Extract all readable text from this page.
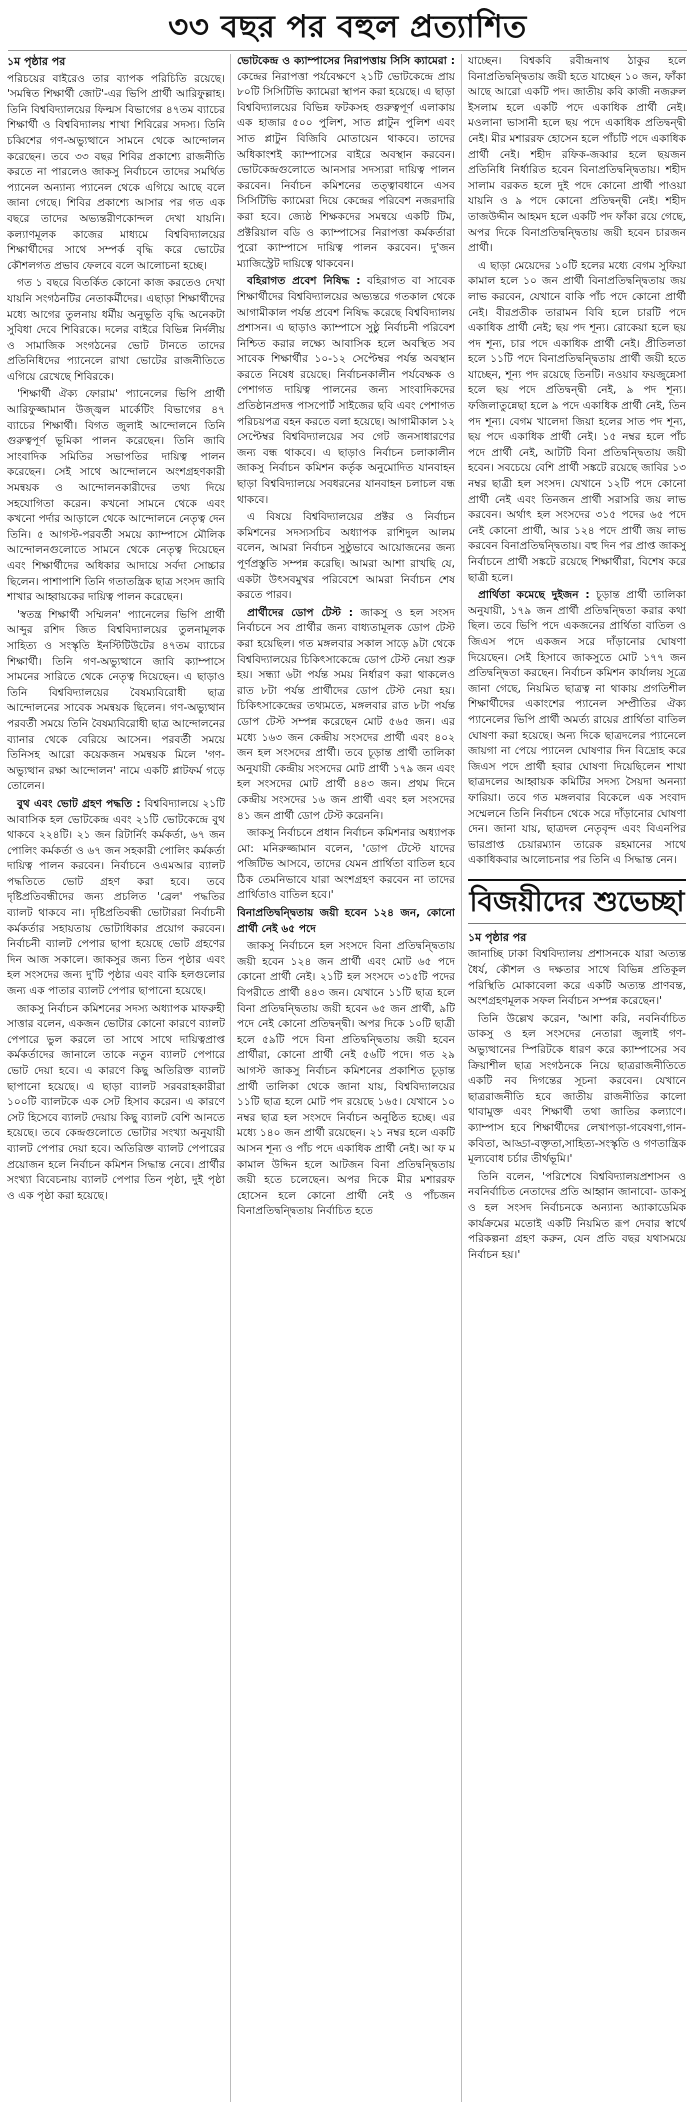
৩৩ বছর পর বহুল প্রত্যাশিত
১ম পৃষ্ঠার পর

পরিচয়ের বাইরেও তার ব্যাপক পরিচিতি রয়েছে। 'সমন্বিত শিক্ষার্থী জোট'-এর ভিপি প্রার্থী আরিফুল্লাহ। তিনি বিশ্ববিদ্যালয়ের ফিল্মস বিভাগের ৪৭তম ব্যাচের শিক্ষার্থী ও বিশ্ববিদ্যালয় শাখা শিবিরের সদস্য। তিনি চব্বিশের গণ-অভ্যুত্থানে সামনে থেকে আন্দোলন করেছেন। তবে ৩৩ বছর শিবির প্রকাশ্যে রাজনীতি করতে না পারলেও জাকসু নির্বাচনে তাদের সমর্থিত প্যানেল অন্যান্য প্যানেল থেকে এগিয়ে আছে বলে জানা গেছে। শিবির প্রকাশ্যে আসার পর গত এক বছরে তাদের অভ্যন্তরীণকোন্দল দেখা যায়নি। কল্যাণমূলক কাজের মাধ্যমে বিশ্ববিদ্যালয়ের শিক্ষার্থীদের সাথে সম্পর্ক বৃদ্ধি করে ভোটের কৌশলগত প্রভাব ফেলবে বলে আলোচনা হচ্ছে।

গত ১ বছরে বিতর্কিত কোনো কাজ করতেও দেখা যায়নি সংগঠনটির নেতাকর্মীদের। এছাড়া শিক্ষার্থীদের মধ্যে আগের তুলনায় ধর্মীয় অনুভূতি বৃদ্ধি অনেকটা সুবিধা দেবে শিবিরকে। দলের বাইরে বিভিন্ন নির্দলীয় ও সামাজিক সংগঠনের ভোট টানতে তাদের প্রতিনিধিদের প্যানেলে রাখা ভোটের রাজনীতিতে এগিয়ে রেখেছে শিবিরকে।

'শিক্ষার্থী ঐক্য ফোরাম' প্যানেলের ভিপি প্রার্থী আরিফুজ্জামান উজ্জ্বল মার্কেটিং বিভাগের ৪৭ ব্যাচের শিক্ষার্থী। বিগত জুলাই আন্দোলনে তিনি গুরুত্বপূর্ণ ভূমিকা পালন করেছেন। তিনি জাবি সাংবাদিক সমিতির সভাপতির দায়িত্ব পালন করেছেন। সেই সাথে আন্দোলনে অংশগ্রহণকারী সমন্বয়ক ও আন্দোলনকারীদের তথ্য দিয়ে সহযোগিতা করেন। কখনো সামনে থেকে এবং কখনো পর্দার আড়ালে থেকে আন্দোলনে নেতৃত্ব দেন তিনি। ৫ আগস্ট-পরবর্তী সময়ে ক্যাম্পাসে মৌলিক আন্দোলনগুলোতে সামনে থেকে নেতৃত্ব দিয়েছেন এবং শিক্ষার্থীদের অধিকার আদায়ে সর্বদা সোচ্চার ছিলেন। পাশাপাশি তিনি গতাতন্ত্রিক ছাত্র সংসদ জাবি শাখার আহ্বায়কের দায়িত্ব পালন করেছেন।

'স্বতন্ত্র শিক্ষার্থী সম্মিলন' প্যানেলের ভিপি প্রার্থী আব্দুর রশিদ জিত বিশ্ববিদ্যালয়ের তুলনামূলক সাহিত্য ও সংস্কৃতি ইনস্টিটিউটের ৪৭তম ব্যাচের শিক্ষার্থী। তিনি গণ-অভ্যুত্থানে জাবি ক্যাম্পাসে সামনের সারিতে থেকে নেতৃত্ব দিয়েছেন। এ ছাড়াও তিনি বিশ্ববিদ্যালয়ের বৈষম্যবিরোধী ছাত্র আন্দোলনের সাবেক সমন্বয়ক ছিলেন। গণ-অভ্যুত্থান পরবর্তী সময়ে তিনি বৈষম্যবিরোধী ছাত্র আন্দোলনের ব্যানার থেকে বেরিয়ে আসেন। পরবর্তী সময়ে তিনিসহ আরো কয়েকজন সমন্বয়ক মিলে 'গণ-অভ্যুত্থান রক্ষা আন্দোলন' নামে একটি প্লাটফর্ম গড়ে তোলেন।

বুথ এবং ভোট গ্রহণ পদ্ধতি : বিশ্ববিদ্যালয়ে ২১টি আবাসিক হল ভোটকেন্দ্র এবং ২১টি ভোটকেন্দ্রে বুথ থাকবে ২২৪টি। ২১ জন রিটার্নিং কর্মকর্তা, ৬৭ জন পোলিং কর্মকর্তা ও ৬৭ জন সহকারী পোলিং কর্মকর্তা দায়িত্ব পালন করবেন। নির্বাচনে ওএমআর ব্যালট পদ্ধতিতে ভোট গ্রহণ করা হবে। তবে দৃষ্টিপ্রতিবন্ধীদের জন্য প্রচলিত 'ব্রেল' পদ্ধতির ব্যালট থাকবে না। দৃষ্টিপ্রতিবন্ধী ভোটাররা নির্বাচনী কর্মকর্তার সহায়তায় ভোটাধিকার প্রয়োগ করবেন। নির্বাচনী ব্যালট পেপার ছাপা হয়েছে ভোট গ্রহণের দিন আজ সকালে। জাকসুর জন্য তিন পৃষ্ঠার এবং হল সংসদের জন্য দু'টি পৃষ্ঠার এবং বাকি হলগুলোর জন্য এক পাতার ব্যালট পেপার ছাপানো হয়েছে।

জাকসু নির্বাচন কমিশনের সদস্য অধ্যাপক মাফরুহী সাত্তার বলেন, একজন ভোটার কোনো কারণে ব্যালট পেপারে ভুল করলে তা সাথে সাথে দায়িত্বপ্রাপ্ত কর্মকর্তাদের জানালে তাকে নতুন ব্যালট পেপারে ভোট দেয়া হবে। এ কারণে কিছু অতিরিক্ত ব্যালট ছাপানো হয়েছে। এ ছাড়া ব্যালট সরবরাহকারীরা ১০০টি ব্যালটকে এক সেট হিসাব করেন। এ কারণে সেট হিসেবে ব্যালট দেয়ায় কিছু ব্যালট বেশি আনতে হয়েছে। তবে কেন্দ্রগুলোতে ভোটার সংখ্যা অনুযায়ী ব্যালট পেপার দেয়া হবে। অতিরিক্ত ব্যালট পেপারের প্রয়োজন হলে নির্বাচন কমিশন সিদ্ধান্ত নেবে। প্রার্থীর সংখ্যা বিবেচনায় ব্যালট পেপার তিন পৃষ্ঠা, দুই পৃষ্ঠা ও এক পৃষ্ঠা করা হয়েছে।

ভোটকেন্দ্র ও ক্যাম্পাসের নিরাপত্তায় সিসি ক্যামেরা : কেন্দ্রের নিরাপত্তা পর্যবেক্ষণে ২১টি ভোটকেন্দ্রে প্রায় ৮০টি সিসিটিভি ক্যামেরা স্থাপন করা হয়েছে। এ ছাড়া বিশ্ববিদ্যালয়ের বিভিন্ন ফটকসহ গুরুত্বপূর্ণ এলাকায় এক হাজার ৫০০ পুলিশ, সাত প্লাটুন পুলিশ এবং সাত প্লাটুন বিজিবি মোতায়েন থাকবে। তাদের অধিকাংশই ক্যাম্পাসের বাইরে অবস্থান করবেন। ভোটকেন্দ্রগুলোতে আনসার সদস্যরা দায়িত্ব পালন করবেন। নির্বাচন কমিশনের তত্ত্বাবধানে এসব সিসিটিভি ক্যামেরা দিয়ে কেন্দ্রের পরিবেশ নজরদারি করা হবে। জ্যেষ্ঠ শিক্ষকদের সমন্বয়ে একটি টিম, প্রক্টরিয়াল বডি ও ক্যাম্পাসের নিরাপত্তা কর্মকর্তারা পুরো ক্যাম্পাসে দায়িত্ব পালন করবেন। দু'জন ম্যাজিস্ট্রেট দায়িত্বে থাকবেন।

বহিরাগত প্রবেশ নিষিদ্ধ : বহিরাগত বা সাবেক শিক্ষার্থীদের বিশ্ববিদ্যালয়ের অভ্যন্তরে গতকাল থেকে আগামীকাল পর্যন্ত প্রবেশ নিষিদ্ধ করেছে বিশ্ববিদ্যালয় প্রশাসন। এ ছাড়াও ক্যাম্পাসে সুষ্ঠু নির্বাচনী পরিবেশ নিশ্চিত করার লক্ষ্যে আবাসিক হলে অবস্থিত সব সাবেক শিক্ষার্থীর ১০-১২ সেপ্টেম্বর পর্যন্ত অবস্থান করতে নিষেধ রয়েছে। নির্বাচনকালীন পর্যবেক্ষক ও পেশাগত দায়িত্ব পালনের জন্য সাংবাদিকদের প্রতিষ্ঠানপ্রদত্ত পাসপোর্ট সাইজের ছবি এবং পেশাগত পরিচয়পত্র বহন করতে বলা হয়েছে। আগামীকাল ১২ সেপ্টেম্বর বিশ্ববিদ্যালয়ের সব গেট জনসাধারণের জন্য বন্ধ থাকবে। এ ছাড়াও নির্বাচন চলাকালীন জাকসু নির্বাচন কমিশন কর্তৃক অনুমোদিত যানবাহন ছাড়া বিশ্ববিদ্যালয়ে সবধরনের যানবাহন চলাচল বন্ধ থাকবে।

এ বিষয়ে বিশ্ববিদ্যালয়ের প্রক্টর ও নির্বাচন কমিশনের সদস্যসচিব অধ্যাপক রাশিদুল আলম বলেন, আমরা নির্বাচন সুষ্ঠুভাবে আয়োজনের জন্য পূর্ণপ্রস্তুতি সম্পন্ন করেছি। আমরা আশা রাখছি যে, একটা উৎসবমুখর পরিবেশে আমরা নির্বাচন শেষ করতে পারব।

প্রার্থীদের ডোপ টেস্ট : জাকসু ও হল সংসদ নির্বাচনে সব প্রার্থীর জন্য বাধ্যতামূলক ডোপ টেস্ট করা হয়েছিল। গত মঙ্গলবার সকাল সাড়ে ৯টা থেকে বিশ্ববিদ্যালয়ের চিকিৎসাকেন্দ্রে ডোপ টেস্ট নেয়া শুরু হয়। সন্ধ্যা ৬টা পর্যন্ত সময় নির্ধারণ করা থাকলেও রাত ৮টা পর্যন্ত প্রার্থীদের ডোপ টেস্ট নেয়া হয়। চিকিৎসাকেন্দ্রের তথ্যমতে, মঙ্গলবার রাত ৮টা পর্যন্ত ডোপ টেস্ট সম্পন্ন করেছেন মোট ৫৬৫ জন। এর মধ্যে ১৬৩ জন কেন্দ্রীয় সংসদের প্রার্থী এবং ৪০২ জন হল সংসদের প্রার্থী। তবে চূড়ান্ত প্রার্থী তালিকা অনুযায়ী কেন্দ্রীয় সংসদের মোট প্রার্থী ১৭৯ জন এবং হল সংসদের মোট প্রার্থী ৪৪৩ জন। প্রথম দিনে কেন্দ্রীয় সংসদের ১৬ জন প্রার্থী এবং হল সংসদের ৪১ জন প্রার্থী ডোপ টেস্ট করেননি।

জাকসু নির্বাচনে প্রধান নির্বাচন কমিশনার অধ্যাপক মো: মনিরুজ্জামান বলেন, 'ডোপ টেস্টে যাদের পজিটিভ আসবে, তাদের যেমন প্রার্থিতা বাতিল হবে ঠিক তেমনিভাবে যারা অংশগ্রহণ করবেন না তাদের প্রার্থিতাও বাতিল হবে।'

বিনাপ্রতিদ্বন্দ্বিতায় জয়ী হবেন ১২৪ জন, কোনো প্রার্থী নেই ৬৫ পদে

জাকসু নির্বাচনে হল সংসদে বিনা প্রতিদ্বন্দ্বিতায় জয়ী হবেন ১২৪ জন প্রার্থী এবং মোট ৬৫ পদে কোনো প্রার্থী নেই। ২১টি হল সংসদে ৩১৫টি পদের বিপরীতে প্রার্থী ৪৪৩ জন। যেখানে ১১টি ছাত্র হলে বিনা প্রতিদ্বন্দ্বিতায় জয়ী হবেন ৬৫ জন প্রার্থী, ৯টি পদে নেই কোনো প্রতিদ্বন্দ্বী। অপর দিকে ১০টি ছাত্রী হলে ৫৯টি পদে বিনা প্রতিদ্বন্দ্বিতায় জয়ী হবেন প্রার্থীরা, কোনো প্রার্থী নেই ৫৬টি পদে। গত ২৯ আগস্ট জাকসু নির্বাচন কমিশনের প্রকাশিত চূড়ান্ত প্রার্থী তালিকা থেকে জানা যায়, বিশ্ববিদ্যালয়ের ১১টি ছাত্র হলে মোট পদ রয়েছে ১৬৫। যেখানে ১০ নম্বর ছাত্র হল সংসদে নির্বাচন অনুষ্ঠিত হচ্ছে। এর মধ্যে ১৪০ জন প্রার্থী রয়েছেন। ২১ নম্বর হলে একটি আসন শূন্য ও পাঁচ পদে একাধিক প্রার্থী নেই। আ ফ ম কামাল উদ্দিন হলে আটজন বিনা প্রতিদ্বন্দ্বিতায় জয়ী হতে চলেছেন। অপর দিকে মীর মশাররফ হোসেন হলে কোনো প্রার্থী নেই ও পাঁচজন বিনাপ্রতিদ্বন্দ্বিতায় নির্বাচিত হতে

যাচ্ছেন। বিশ্বকবি রবীন্দ্রনাথ ঠাকুর হলে বিনাপ্রতিদ্বন্দ্বিতায় জয়ী হতে যাচ্ছেন ১০ জন, ফাঁকা আছে আরো একটি পদ। জাতীয় কবি কাজী নজরুল ইসলাম হলে একটি পদে একাধিক প্রার্থী নেই। মওলানা ভাসানী হলে ছয় পদে একাধিক প্রতিদ্বন্দ্বী নেই। মীর মশাররফ হোসেন হলে পাঁচটি পদে একাধিক প্রার্থী নেই। শহীদ রফিক-জব্বার হলে ছয়জন প্রতিনিধি নির্ধারিত হবেন বিনাপ্রতিদ্বন্দ্বিতায়। শহীদ সালাম বরকত হলে দুই পদে কোনো প্রার্থী পাওয়া যায়নি ও ৯ পদে কোনো প্রতিদ্বন্দ্বী নেই। শহীদ তাজউদ্দীন আহমদ হলে একটি পদ ফাঁকা রয়ে গেছে, অপর দিকে বিনাপ্রতিদ্বন্দ্বিতায় জয়ী হবেন চারজন প্রার্থী।

এ ছাড়া মেয়েদের ১০টি হলের মধ্যে বেগম সুফিয়া কামাল হলে ১০ জন প্রার্থী বিনাপ্রতিদ্বন্দ্বিতায় জয় লাভ করবেন, যেখানে বাকি পাঁচ পদে কোনো প্রার্থী নেই। বীরপ্রতীক তারামন বিবি হলে চারটি পদে একাধিক প্রার্থী নেই; ছয় পদ শূন্য। রোকেয়া হলে ছয় পদ শূন্য, চার পদে একাধিক প্রার্থী নেই। প্রীতিলতা হলে ১১টি পদে বিনাপ্রতিদ্বন্দ্বিতায় প্রার্থী জয়ী হতে যাচ্ছেন, শূন্য পদ রয়েছে তিনটি। নওয়াব ফয়জুন্নেসা হলে ছয় পদে প্রতিদ্বন্দ্বী নেই, ৯ পদ শূন্য। ফজিলাতুন্নেছা হলে ৯ পদে একাধিক প্রার্থী নেই, তিন পদ শূন্য। বেগম খালেদা জিয়া হলের সাত পদ শূন্য, ছয় পদে একাধিক প্রার্থী নেই। ১৫ নম্বর হলে পাঁচ পদে প্রার্থী নেই, আটটি বিনা প্রতিদ্বন্দ্বিতায় জয়ী হবেন। সবচেয়ে বেশি প্রার্থী সঙ্কটে রয়েছে জাবির ১৩ নম্বর ছাত্রী হল সংসদ। যেখানে ১২টি পদে কোনো প্রার্থী নেই এবং তিনজন প্রার্থী সরাসরি জয় লাভ করবেন। অর্থাৎ হল সংসদের ৩১৫ পদের ৬৫ পদে নেই কোনো প্রার্থী, আর ১২৪ পদে প্রার্থী জয় লাভ করবেন বিনাপ্রতিদ্বন্দ্বিতায়। বহু দিন পর প্রাপ্ত জাকসু নির্বাচনে প্রার্থী সঙ্কটে রয়েছে শিক্ষার্থীরা, বিশেষ করে ছাত্রী হলে।

প্রার্থিতা কমেছে দুইজন : চূড়ান্ত প্রার্থী তালিকা অনুযায়ী, ১৭৯ জন প্রার্থী প্রতিদ্বন্দ্বিতা করার কথা ছিল। তবে ভিপি পদে একজনের প্রার্থিতা বাতিল ও জিএস পদে একজন সরে দাঁড়ানোর ঘোষণা দিয়েছেন। সেই হিসাবে জাকসুতে মোট ১৭৭ জন প্রতিদ্বন্দ্বিতা করছেন। নির্বাচন কমিশন কার্যালয় সূত্রে জানা গেছে, নিয়মিত ছাত্রত্ব না থাকায় প্রগতিশীল শিক্ষার্থীদের একাংশের প্যানেল সম্প্রীতির ঐক্য প্যানেলের ভিপি প্রার্থী অমর্ত্য রায়ের প্রার্থিতা বাতিল ঘোষণা করা হয়েছে। অন্য দিকে ছাত্রদলের প্যানেলে জায়গা না পেয়ে প্যানেল ঘোষণার দিন বিদ্রোহ করে জিএস পদে প্রার্থী হবার ঘোষণা দিয়েছিলেন শাখা ছাত্রদলের আহ্বায়ক কমিটির সদস্য সৈয়দা অনন্যা ফারিয়া। তবে গত মঙ্গলবার বিকেলে এক সংবাদ সম্মেলনে তিনি নির্বাচন থেকে সরে দাঁড়ানোর ঘোষণা দেন। জানা যায়, ছাত্রদল নেতৃবৃন্দ এবং বিএনপির ভারপ্রাপ্ত চেয়ারম্যান তারেক রহমানের সাথে একাধিকবার আলোচনার পর তিনি এ সিদ্ধান্ত নেন।

বিজয়ীদের শুভেচ্ছা
১ম পৃষ্ঠার পর

জানাচ্ছি ঢাকা বিশ্ববিদ্যালয় প্রশাসনকে যারা অত্যন্ত ধৈর্য, কৌশল ও দক্ষতার সাথে বিভিন্ন প্রতিকূল পরিস্থিতি মোকাবেলা করে একটি অত্যন্ত প্রাণবন্ত, অংশগ্রহণমূলক সফল নির্বাচন সম্পন্ন করেছেন।'

তিনি উল্লেখ করেন, 'আশা করি, নবনির্বাচিত ডাকসু ও হল সংসদের নেতারা জুলাই গণ-অভ্যুত্থানের স্পিরিটকে ধারণ করে ক্যাম্পাসের সব ক্রিয়াশীল ছাত্র সংগঠনকে নিয়ে ছাত্ররাজনীতিতে একটি নব দিগন্তের সূচনা করবেন। যেখানে ছাত্ররাজনীতি হবে জাতীয় রাজনীতির কালো থাবামুক্ত এবং শিক্ষার্থী তথা জাতির কল্যাণে। ক্যাম্পাস হবে শিক্ষার্থীদের লেখাপড়া-গবেষণা,গান-কবিতা, আড্ডা-বক্তৃতা,সাহিত্য-সংস্কৃতি ও গণতান্ত্রিক মূল্যবোধ চর্চার তীর্থভূমি।'

তিনি বলেন, 'পরিশেষে বিশ্ববিদ্যালয়প্রশাসন ও নবনির্বাচিত নেতাদের প্রতি আহ্বান জানাবো- ডাকসু ও হল সংসদ নির্বাচনকে অন্যান্য অ্যাকাডেমিক কার্যক্রমের মতোই একটি নিয়মিত রূপ দেবার স্বার্থে পরিকল্পনা গ্রহণ করুন, যেন প্রতি বছর যথাসময়ে নির্বাচন হয়।'
